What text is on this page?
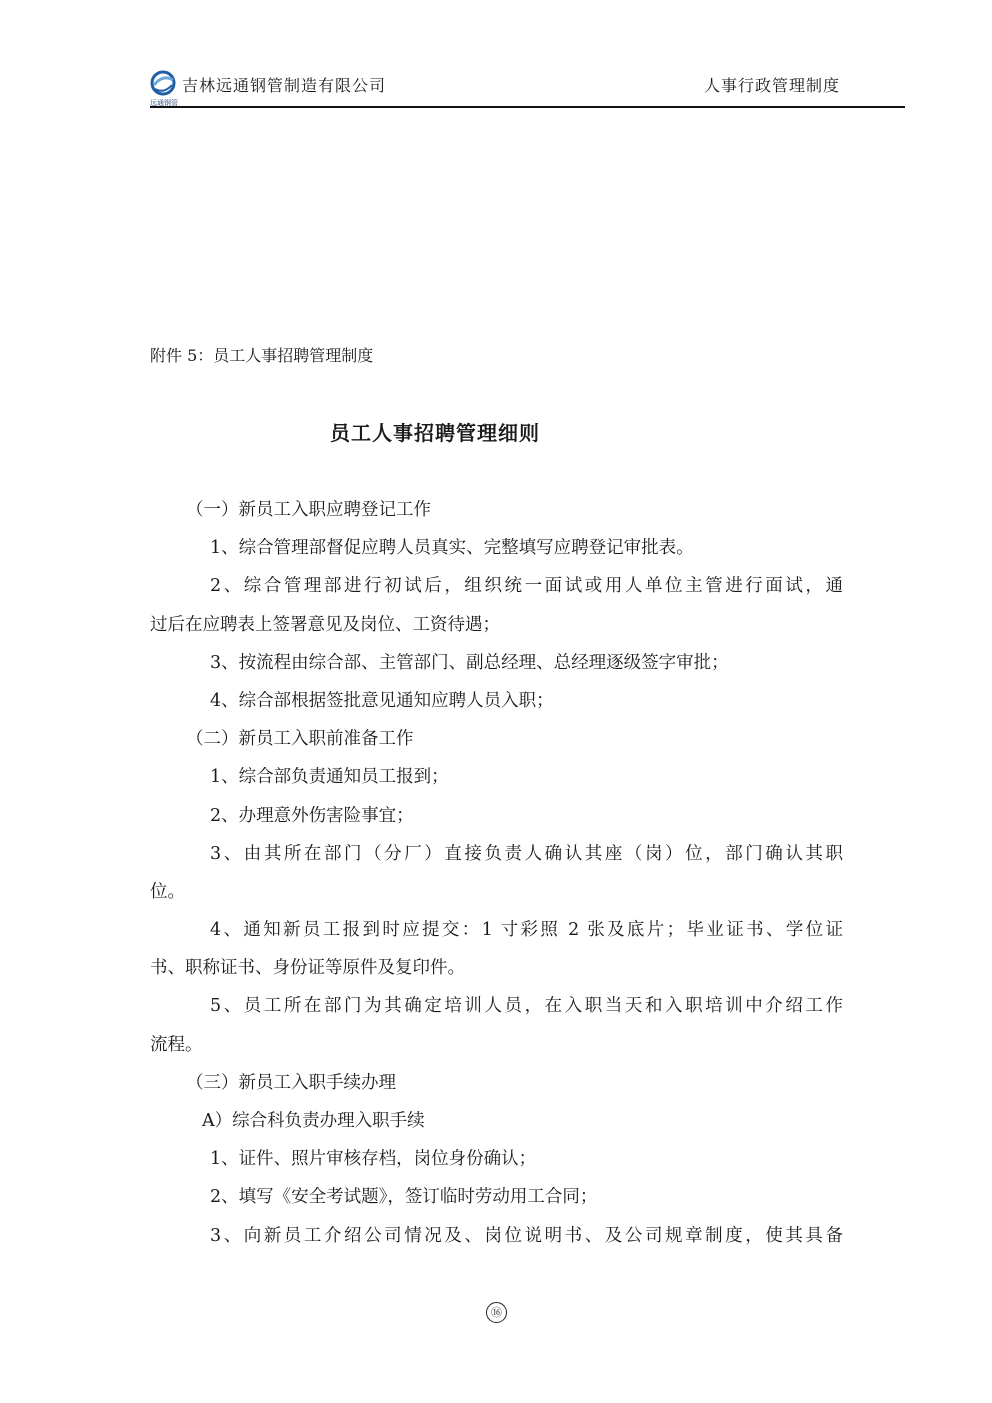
远通钢管
吉林远通钢管制造有限公司	人事行政管理制度
附件 5：员工人事招聘管理制度
员工人事招聘管理细则
（一）新员工入职应聘登记工作
1、综合管理部督促应聘人员真实、完整填写应聘登记审批表。
2、综合管理部进行初试后，组织统一面试或用人单位主管进行面试，通
过后在应聘表上签署意见及岗位、工资待遇；
3、按流程由综合部、主管部门、副总经理、总经理逐级签字审批；
4、综合部根据签批意见通知应聘人员入职；
（二）新员工入职前准备工作
1、综合部负责通知员工报到；
2、办理意外伤害险事宜；
3、由其所在部门（分厂）直接负责人确认其座（岗）位，部门确认其职
位。
4、通知新员工报到时应提交：1 寸彩照 2 张及底片；毕业证书、学位证
书、职称证书、身份证等原件及复印件。
5、员工所在部门为其确定培训人员，在入职当天和入职培训中介绍工作
流程。
（三）新员工入职手续办理
A）综合科负责办理入职手续
1、证件、照片审核存档，岗位身份确认；
2、填写《安全考试题》，签订临时劳动用工合同；
3、向新员工介绍公司情况及、岗位说明书、及公司规章制度，使其具备
⑯
